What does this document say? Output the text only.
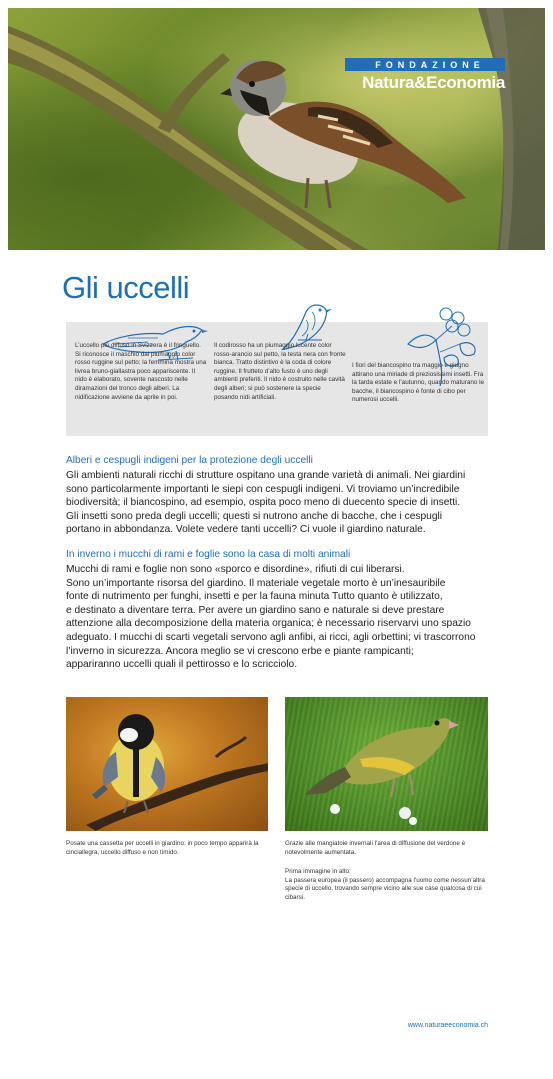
FONDAZIONE
Natura&Economia
Gli uccelli
L’uccello più diffuso in Svizzera è il fringuello. Si riconosce il maschio dal piumaggio color rosso ruggine sul petto; la femmina mostra una livrea bruno-giallastra poco appariscente. Il nido è elaborato, sovente nascosto nelle diramazioni del tronco degli alberi. La nidificazione avviene da aprile in poi.
Il codirosso ha un piumaggio lucente color rosso-arancio sul petto, la testa nera con fronte bianca. Tratto distintivo è la coda di colore ruggine. Il frutteto d’alto fusto è uno degli ambienti preferiti. Il nido è costruito nelle cavità degli alberi; si può sostenere la specie posando nidi artificiali.
I fiori del biancospino tra maggio e giugno attirano una miriade di preziosissimi insetti. Fra la tarda estate e l’autunno, quando maturano le bacche, il biancospino è fonte di cibo per numerosi uccelli.
Alberi e cespugli indigeni per la protezione degli uccelli
Gli ambienti naturali ricchi di strutture ospitano una grande varietà di animali. Nei giardini
sono particolarmente importanti le siepi con cespugli indigeni. Vi troviamo un’incredibile
biodiversità; il biancospino, ad esempio, ospita poco meno di duecento specie di insetti.
Gli insetti sono preda degli uccelli; questi si nutrono anche di bacche, che i cespugli
portano in abbondanza. Volete vedere tanti uccelli? Ci vuole il giardino naturale.
In inverno i mucchi di rami e foglie sono la casa di molti animali
Mucchi di rami e foglie non sono «sporco e disordine», rifiuti di cui liberarsi.
Sono un’importante risorsa del giardino. Il materiale vegetale morto è un’inesauribile
fonte di nutrimento per funghi, insetti e per la fauna minuta Tutto quanto è utilizzato,
e destinato a diventare terra. Per avere un giardino sano e naturale si deve prestare
attenzione alla decomposizione della materia organica; è necessario riservarvi uno spazio
adeguato. I mucchi di scarti vegetali servono agli anfibi, ai ricci, agli orbettini; vi trascorrono
l’inverno in sicurezza. Ancora meglio se vi crescono erbe e piante rampicanti;
appariranno uccelli quali il pettirosso e lo scricciolo.
Posate una cassetta per uccelli in giardino: in poco tempo apparirà la cinciallegra, uccello diffuso e non timido.
Grazie alle mangiatoie invernali l’area di diffusione del verdone è notevolmente aumentata.
Prima immagine in alto:
La passera europea (il passero) accompagna l’uomo come nessun’altra specie di uccello, trovando sempre vicino alle sue case qualcosa di cui cibarsi.
www.naturaeeconomia.ch
